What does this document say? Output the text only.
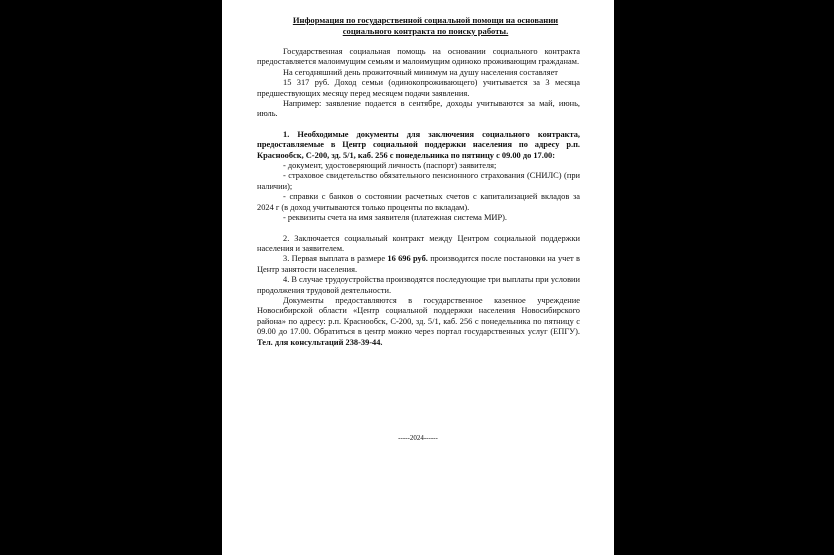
Информация по государственной социальной помощи на основании
социального контракта по поиску работы.

Государственная социальная помощь на основании социального контракта предоставляется малоимущим семьям и малоимущим одиноко проживающим гражданам.

На сегодняшний день прожиточный минимум на душу населения составляет

15 317 руб. Доход семьи (одинокопроживающего) учитывается за 3 месяца предшествующих месяцу перед месяцем подачи заявления.

Например: заявление подается в сентябре, доходы учитываются за май, июнь, июль.

1. Необходимые документы для заключения социального контракта, предоставляемые в Центр социальной поддержки населения по адресу р.п. Краснообск, С-200, зд. 5/1, каб. 256 с понедельника по пятницу с 09.00 до 17.00:

- документ, удостоверяющий личность (паспорт) заявителя;

- страховое свидетельство обязательного пенсионного страхования (СНИЛС) (при наличии);

- справки с банков о состоянии расчетных счетов с капитализацией вкладов за 2024 г (в доход учитываются только проценты по вкладам).

- реквизиты счета на имя заявителя (платежная система МИР).

2. Заключается социальный контракт между Центром социальной поддержки населения и заявителем.

3. Первая выплата в размере 16 696 руб. производится после постановки на учет в Центр занятости населения.

4. В случае трудоустройства производятся последующие три выплаты при условии продолжения трудовой деятельности.

Документы предоставляются в государственное казенное учреждение Новосибирской области «Центр социальной поддержки населения Новосибирского района» по адресу: р.п. Краснообск, С-200, зд. 5/1, каб. 256 с понедельника по пятницу с 09.00 до 17.00. Обратиться в центр можно через портал государственных услуг (ЕПГУ). Тел. для консультаций 238-39-44.

-----2024------
